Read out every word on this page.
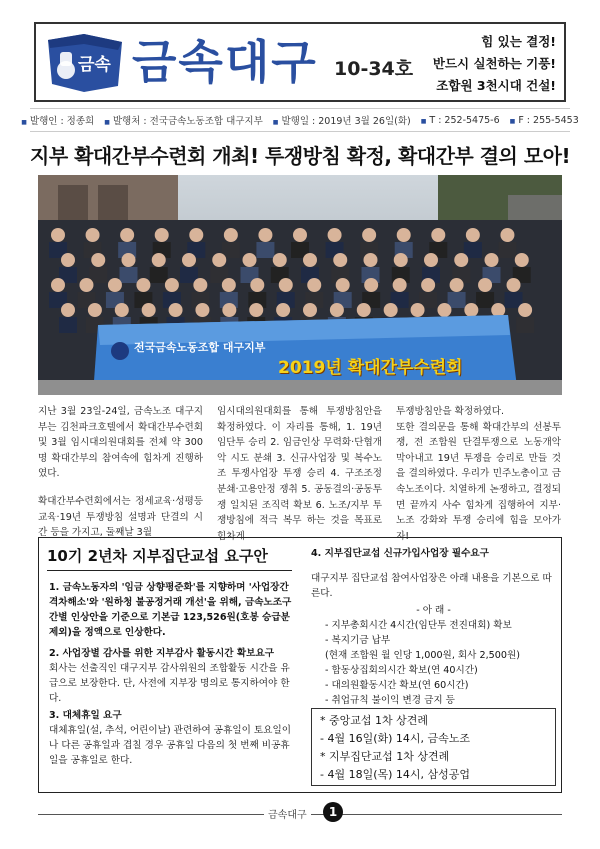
금속 금속대구 10-34호
힘 있는 결정!
반드시 실천하는 기풍!
조합원 3천시대 건설!
■ 발행인 : 정종희	■ 발행처 : 전국금속노동조합 대구지부	■ 발행일 : 2019년 3월 26일(화)	■ T : 252-5475-6	■ F : 255-5453
지부 확대간부수련회 개최! 투쟁방침 확정, 확대간부 결의 모아!
전국금속노동조합 대구지부
2019년 확대간부수련회

지난 3월 23일-24일, 금속노조 대구지부는 김천파크호텔에서 확대간부수련회 및 3월 임시대의원대회를 전체 약 300명 확대간부의 참여속에 힘차게 진행하였다.

확대간부수련회에서는 정세교육·성평등교육·19년 투쟁방침 설명과 단결의 시간 등을 가지고, 둘째날 3월

임시대의원대회를 통해 투쟁방침안을 확정하였다. 이 자리를 통해, 1. 19년 임단투 승리 2. 임금인상 무력화·단협개악 시도 분쇄 3. 신규사업장 및 복수노조 투쟁사업장 투쟁 승리 4. 구조조정 분쇄·고용안정 쟁취 5. 공동결의·공동투쟁 일치된 조직력 확보 6. 노조/지부 투쟁방침에 적극 복무 하는 것을 목표로 힘차게

투쟁방침안을 확정하였다.

또한 결의문을 통해 확대간부의 선봉투쟁, 전 조합원 단결투쟁으로 노동개악 막아내고 19년 투쟁을 승리로 만들 것을 결의하였다. 우리가 민주노총이고 금속노조이다. 치열하게 논쟁하고, 결정되면 끝까지 사수 힘차게 집행하여 지부·노조 강화와 투쟁 승리에 힘을 모아가자!

10기 2년차 지부집단교섭 요구안
1. 금속노동자의 '임금 상향평준화'를 지향하며 '사업장간 격차해소'와 '원하청 불공정거래 개선'을 위해, 금속노조구간별 인상안을 기준으로 기본급 123,526원(호봉 승급분 제외)을 정액으로 인상한다.
2. 사업장별 감사를 위한 지부감사 활동시간 확보요구
회사는 선출직인 대구지부 감사위원의 조합활동 시간을 유급으로 보장한다. 단, 사전에 지부장 명의로 통지하여야 한다.
3. 대체휴일 요구
대체휴일(설, 추석, 어린이날) 관련하여 공휴일이 토요일이나 다른 공휴일과 겹칠 경우 공휴일 다음의 첫 번째 비공휴일을 공휴일로 한다.
4. 지부집단교섭 신규가입사업장 필수요구
대구지부 집단교섭 참여사업장은 아래 내용을 기본으로 따른다.
- 아 래 -
- 지부총회시간 4시간(임단투 전진대회) 확보
- 복지기금 납부
(현재 조합원 월 인당 1,000원, 회사 2,500원)
- 합동상집회의시간 확보(연 40시간)
- 대의원활동시간 확보(연 60시간)
- 취업규칙 불이익 변경 금지 등
* 중앙교섭 1차 상견례
- 4월 16일(화) 14시, 금속노조
* 지부집단교섭 1차 상견례
- 4월 18일(목) 14시, 삼성공업
금속대구	1
